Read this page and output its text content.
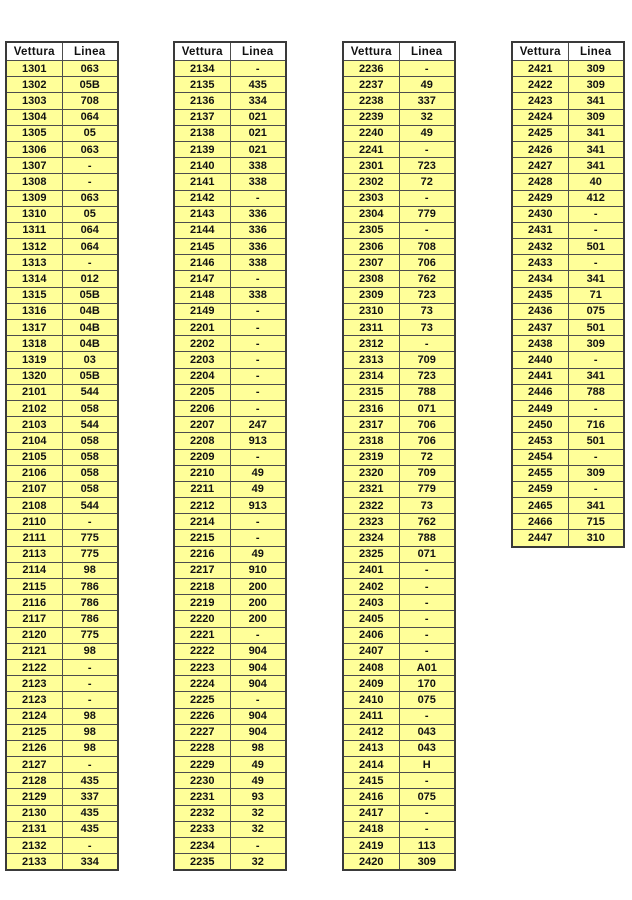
Vettura	Linea
1301	063
1302	05B
1303	708
1304	064
1305	05
1306	063
1307	-
1308	-
1309	063
1310	05
1311	064
1312	064
1313	-
1314	012
1315	05B
1316	04B
1317	04B
1318	04B
1319	03
1320	05B
2101	544
2102	058
2103	544
2104	058
2105	058
2106	058
2107	058
2108	544
2110	-
2111	775
2113	775
2114	98
2115	786
2116	786
2117	786
2120	775
2121	98
2122	-
2123	-
2123	-
2124	98
2125	98
2126	98
2127	-
2128	435
2129	337
2130	435
2131	435
2132	-
2133	334
Vettura	Linea
2134	-
2135	435
2136	334
2137	021
2138	021
2139	021
2140	338
2141	338
2142	-
2143	336
2144	336
2145	336
2146	338
2147	-
2148	338
2149	-
2201	-
2202	-
2203	-
2204	-
2205	-
2206	-
2207	247
2208	913
2209	-
2210	49
2211	49
2212	913
2214	-
2215	-
2216	49
2217	910
2218	200
2219	200
2220	200
2221	-
2222	904
2223	904
2224	904
2225	-
2226	904
2227	904
2228	98
2229	49
2230	49
2231	93
2232	32
2233	32
2234	-
2235	32
Vettura	Linea
2236	-
2237	49
2238	337
2239	32
2240	49
2241	-
2301	723
2302	72
2303	-
2304	779
2305	-
2306	708
2307	706
2308	762
2309	723
2310	73
2311	73
2312	-
2313	709
2314	723
2315	788
2316	071
2317	706
2318	706
2319	72
2320	709
2321	779
2322	73
2323	762
2324	788
2325	071
2401	-
2402	-
2403	-
2405	-
2406	-
2407	-
2408	A01
2409	170
2410	075
2411	-
2412	043
2413	043
2414	H
2415	-
2416	075
2417	-
2418	-
2419	113
2420	309
Vettura	Linea
2421	309
2422	309
2423	341
2424	309
2425	341
2426	341
2427	341
2428	40
2429	412
2430	-
2431	-
2432	501
2433	-
2434	341
2435	71
2436	075
2437	501
2438	309
2440	-
2441	341
2446	788
2449	-
2450	716
2453	501
2454	-
2455	309
2459	-
2465	341
2466	715
2447	310
